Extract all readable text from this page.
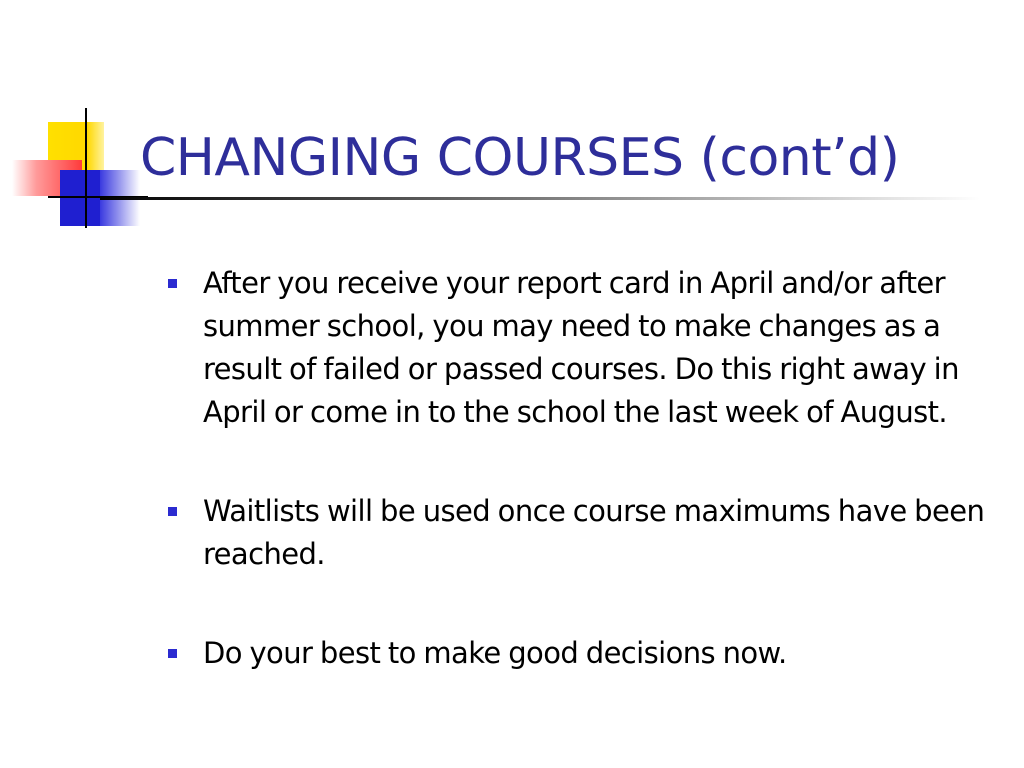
CHANGING COURSES (cont’d)
After you receive your report card in April and/or after summer school, you may need to make changes as a result of failed or passed courses. Do this right away in April or come in to the school the last week of August.
Waitlists will be used once course maximums have been reached.
Do your best to make good decisions now.
